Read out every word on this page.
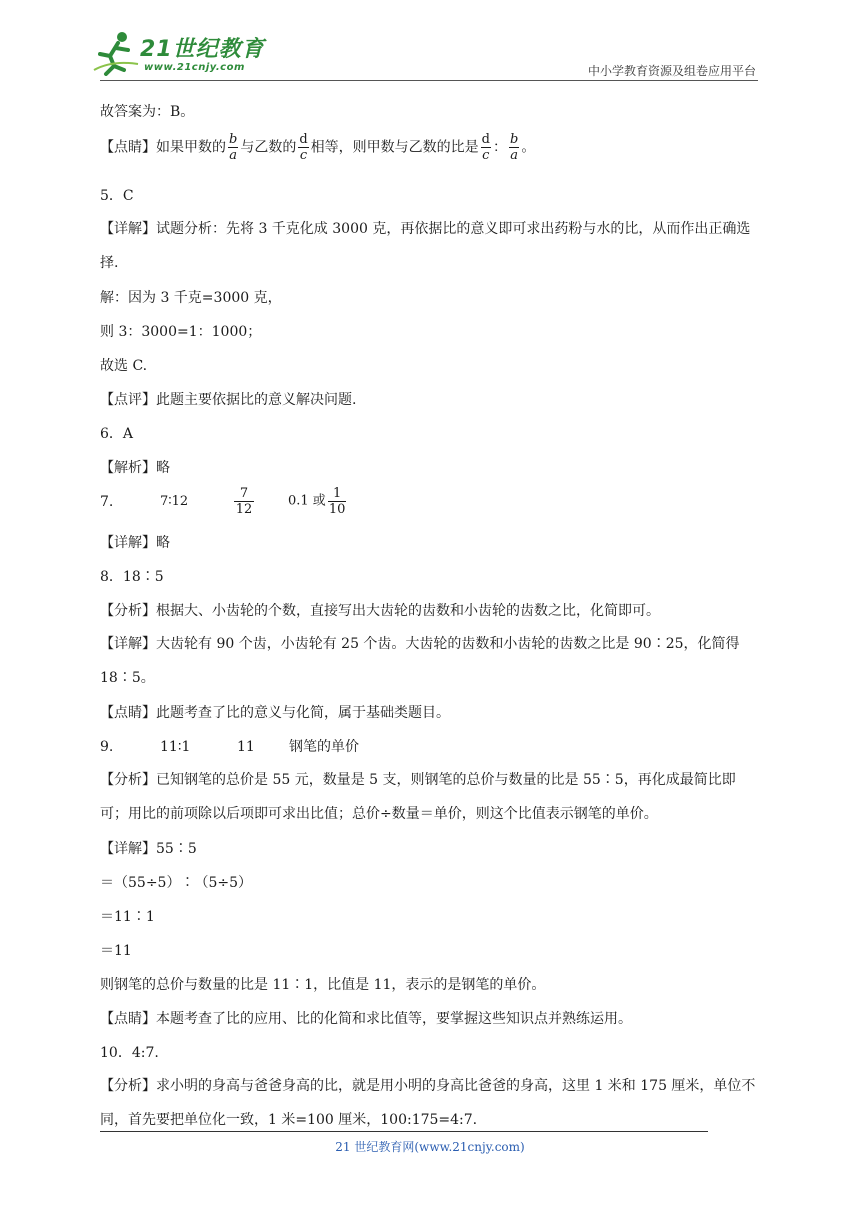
21世纪教育
www.21cnjy.com	中小学教育资源及组卷应用平台
故答案为：B。
【点睛】如果甲数的 $\frac{b}{a}$ 与乙数的 $\frac{d}{c}$ 相等，则甲数与乙数的比是 $\frac{d}{c}$ ： $\frac{b}{a}$ 。
5．C
【详解】试题分析：先将 3 千克化成 3000 克，再依据比的意义即可求出药粉与水的比，从而作出正确选择.
解：因为 3 千克=3000 克，
则 3：3000=1：1000；
故选 C.
【点评】此题主要依据比的意义解决问题.
6．A
【解析】略
7.	7∶12	$\frac{7}{12} 0.1$ 或 $\frac{1}{10}$
【详解】略
8．18∶5
【分析】根据大、小齿轮的个数，直接写出大齿轮的齿数和小齿轮的齿数之比，化简即可。
【详解】大齿轮有 90 个齿，小齿轮有 25 个齿。大齿轮的齿数和小齿轮的齿数之比是 90∶25，化简得 18∶5。
【点睛】此题考查了比的意义与化简，属于基础类题目。
9.	11∶1	11 钢笔的单价
【分析】已知钢笔的总价是 55 元，数量是 5 支，则钢笔的总价与数量的比是 55∶5，再化成最简比即可；用比的前项除以后项即可求出比值；总价÷数量＝单价，则这个比值表示钢笔的单价。
【详解】55∶5
＝（55÷5）∶（5÷5）
＝11∶1
＝11
则钢笔的总价与数量的比是 11∶1，比值是 11，表示的是钢笔的单价。
【点睛】本题考查了比的应用、比的化简和求比值等，要掌握这些知识点并熟练运用。
10．4:7.
【分析】求小明的身高与爸爸身高的比，就是用小明的身高比爸爸的身高，这里 1 米和 175 厘米，单位不同，首先要把单位化一致，1 米=100 厘米，100:175=4:7.
21 世纪教育网(www.21cnjy.com)
